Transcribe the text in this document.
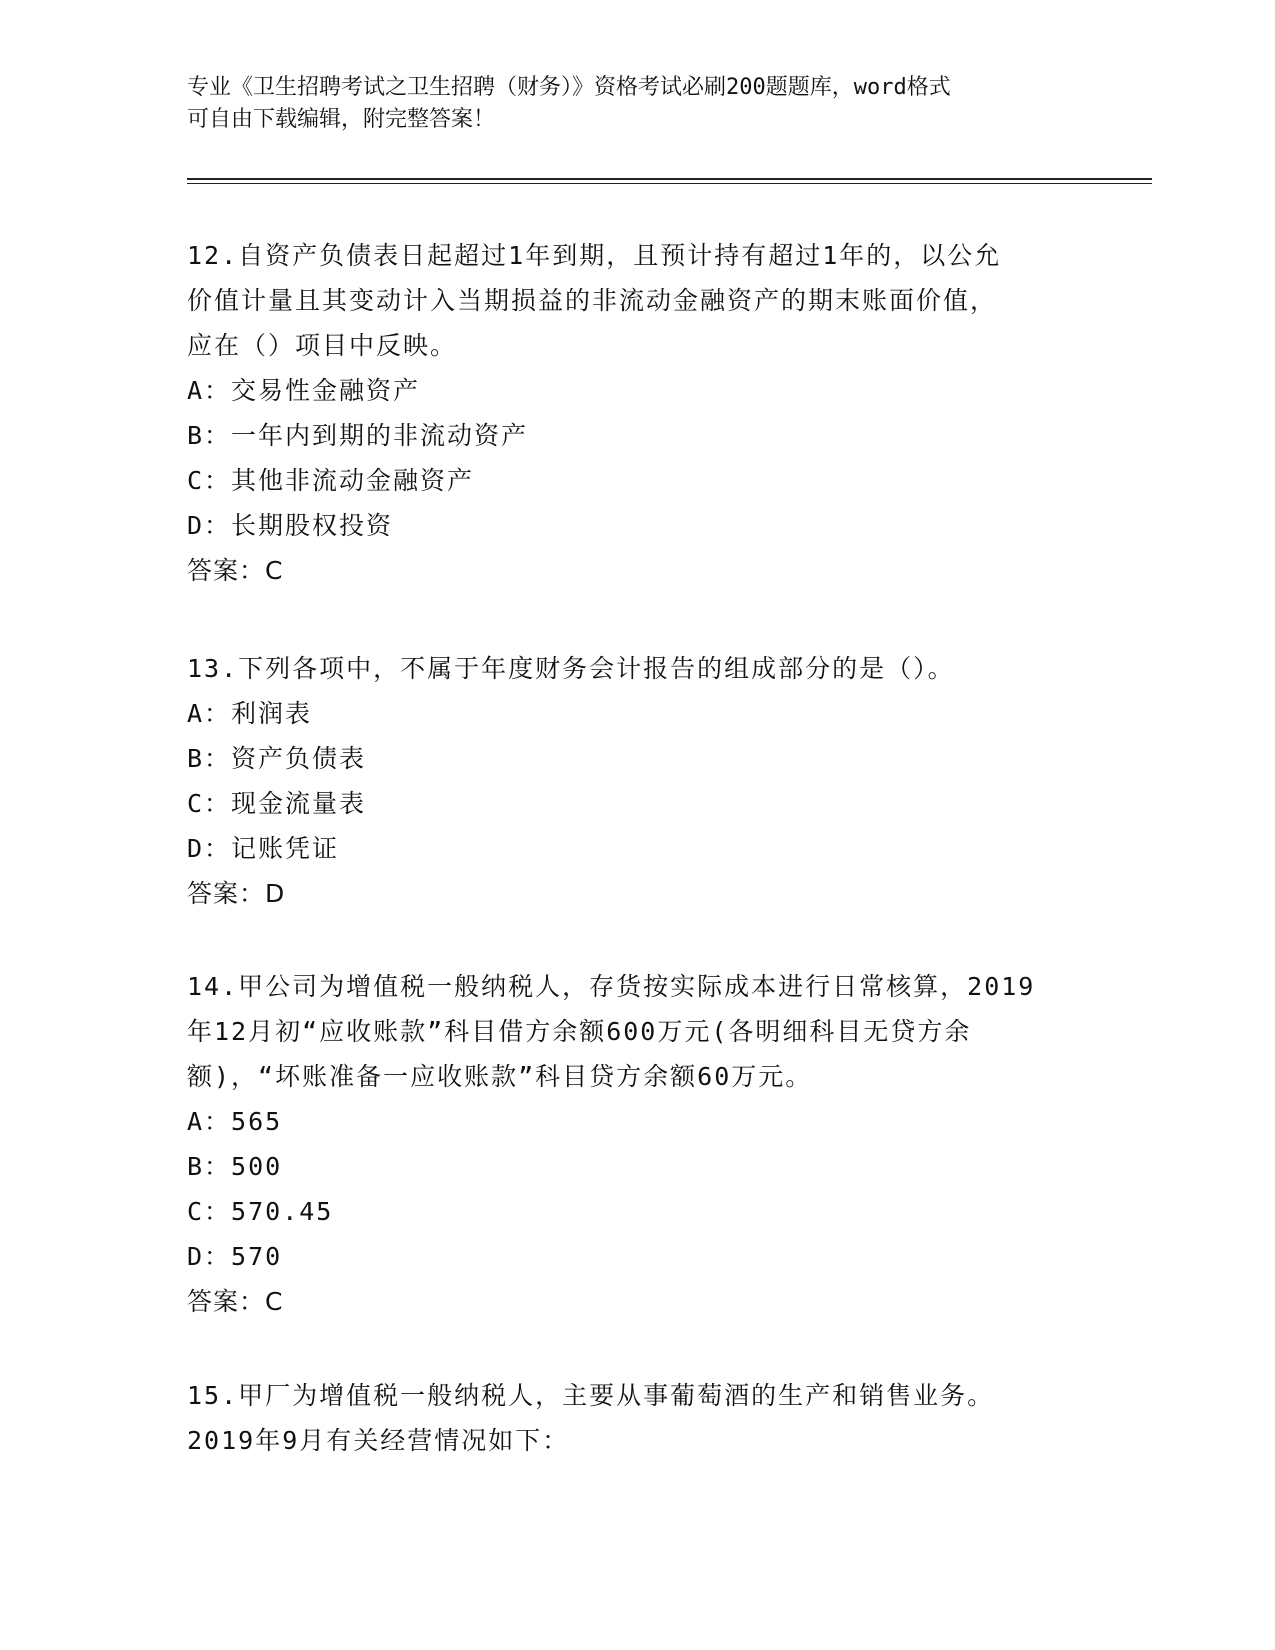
专业《卫生招聘考试之卫生招聘（财务）》资格考试必刷200题题库，word格式

可自由下载编辑，附完整答案！

12.自资产负债表日起超过1年到期，且预计持有超过1年的，以公允

价值计量且其变动计入当期损益的非流动金融资产的期末账面价值，

应在（）项目中反映。

A：交易性金融资产

B：一年内到期的非流动资产

C：其他非流动金融资产

D：长期股权投资

答案：C

13.下列各项中，不属于年度财务会计报告的组成部分的是（）。

A：利润表

B：资产负债表

C：现金流量表

D：记账凭证

答案：D

14.甲公司为增值税一般纳税人，存货按实际成本进行日常核算，2019

年12月初“应收账款”科目借方余额600万元(各明细科目无贷方余

额)，“坏账准备一应收账款”科目贷方余额60万元。

A：565

B：500

C：570.45

D：570

答案：C

15.甲厂为增值税一般纳税人，主要从事葡萄酒的生产和销售业务。

2019年9月有关经营情况如下：
